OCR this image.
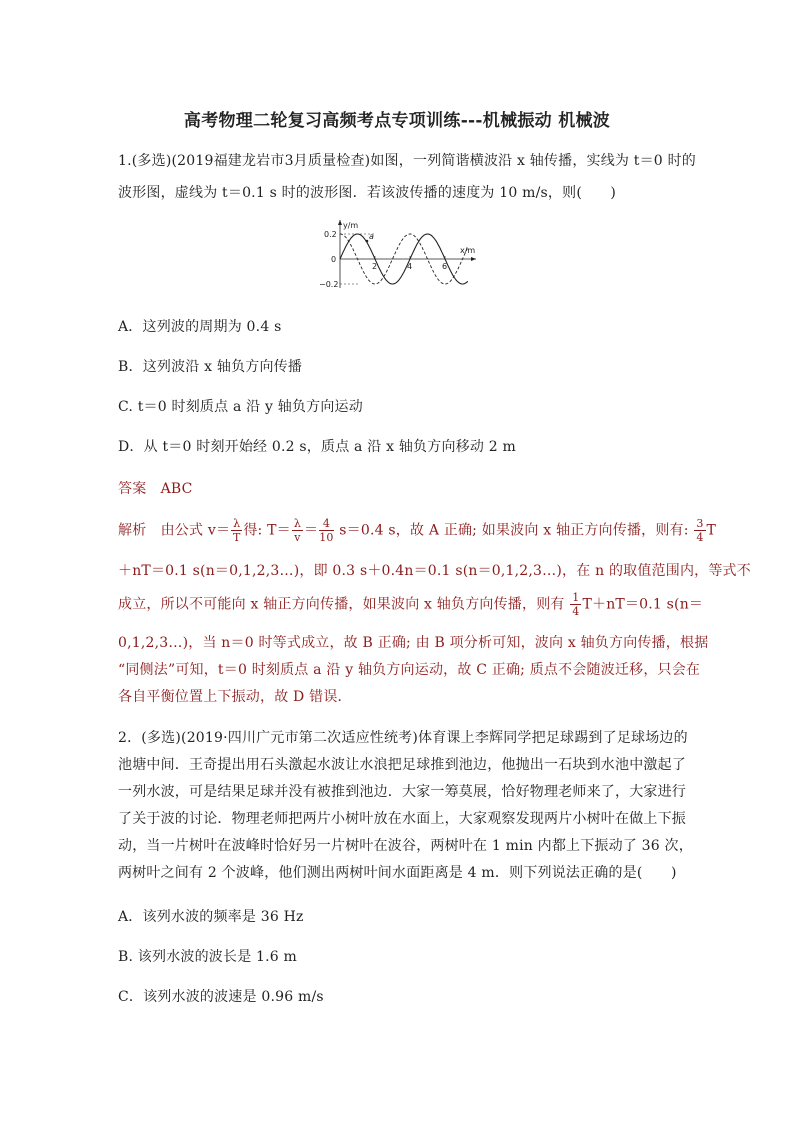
高考物理二轮复习高频考点专项训练---机械振动 机械波
1.(多选)(2019福建龙岩市3月质量检查)如图，一列简谐横波沿 x 轴传播，实线为 t＝0 时的
波形图，虚线为 t＝0.1 s 时的波形图．若该波传播的速度为 10 m/s，则(　　)
y/m
x/m
0.2
0
−0.2
2	4	6
a
A．这列波的周期为 0.4 s
B．这列波沿 x 轴负方向传播
C. t＝0 时刻质点 a 沿 y 轴负方向运动
D．从 t＝0 时刻开始经 0.2 s，质点 a 沿 x 轴负方向移动 2 m
答案　ABC
解析　由公式 $v= \frac{\lambda}{T}$ 得: $T= \frac{\lambda}{v} = \frac{4}{10} s=0.4$ s，故 A 正确; 如果波向 x 轴正方向传播，则有: $\frac{3}{4}$ T
＋nT＝0.1 s(n＝0,1,2,3…)，即 0.3 s＋0.4n＝0.1 s(n＝0,1,2,3…)，在 n 的取值范围内，等式不
成立，所以不可能向 x 轴正方向传播，如果波向 x 轴负方向传播，则有 $\frac{1}{4} T+nT=0.1$ s(n＝
0,1,2,3…)，当 n＝0 时等式成立，故 B 正确; 由 B 项分析可知，波向 x 轴负方向传播，根据
“同侧法”可知，t＝0 时刻质点 a 沿 y 轴负方向运动，故 C 正确; 质点不会随波迁移，只会在
各自平衡位置上下振动，故 D 错误．
2．(多选)(2019·四川广元市第二次适应性统考)体育课上李辉同学把足球踢到了足球场边的
池塘中间．王奇提出用石头激起水波让水浪把足球推到池边，他抛出一石块到水池中激起了
一列水波，可是结果足球并没有被推到池边．大家一筹莫展，恰好物理老师来了，大家进行
了关于波的讨论．物理老师把两片小树叶放在水面上，大家观察发现两片小树叶在做上下振
动，当一片树叶在波峰时恰好另一片树叶在波谷，两树叶在 1 min 内都上下振动了 36 次，
两树叶之间有 2 个波峰，他们测出两树叶间水面距离是 4 m．则下列说法正确的是(　　)
A．该列水波的频率是 36 Hz
B. 该列水波的波长是 1.6 m
C．该列水波的波速是 0.96 m/s
